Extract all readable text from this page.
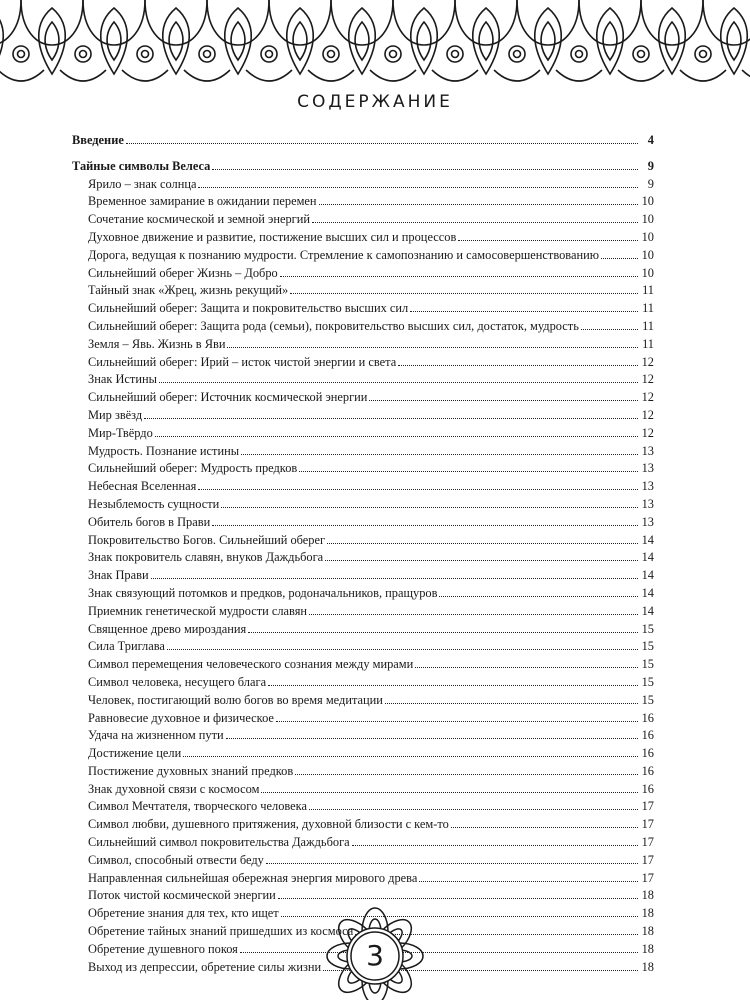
СОДЕРЖАНИЕ
Введение	4
Тайные символы Велеса	9
Ярило – знак солнца	9
Временное замирание в ожидании перемен	10
Сочетание космической и земной энергий	10
Духовное движение и развитие, постижение высших сил и процессов	10
Дорога, ведущая к познанию мудрости. Стремление к самопознанию и самосовершенствованию	10
Сильнейший оберег Жизнь – Добро	10
Тайный знак «Жрец, жизнь рекущий»	11
Сильнейший оберег: Защита и покровительство высших сил	11
Сильнейший оберег: Защита рода (семьи), покровительство высших сил, достаток, мудрость	11
Земля – Явь. Жизнь в Яви	11
Сильнейший оберег: Ирий – исток чистой энергии и света	12
Знак Истины	12
Сильнейший оберег: Источник космической энергии	12
Мир звёзд	12
Мир-Твёрдо	12
Мудрость. Познание истины	13
Сильнейший оберег: Мудрость предков	13
Небесная Вселенная	13
Незыблемость сущности	13
Обитель богов в Прави	13
Покровительство Богов. Сильнейший оберег	14
Знак покровитель славян, внуков Даждьбога	14
Знак Прави	14
Знак связующий потомков и предков, родоначальников, пращуров	14
Приемник генетической мудрости славян	14
Священное древо мироздания	15
Сила Триглава	15
Символ перемещения человеческого сознания между мирами	15
Символ человека, несущего блага	15
Человек, постигающий волю богов во время медитации	15
Равновесие духовное и физическое	16
Удача на жизненном пути	16
Достижение цели	16
Постижение духовных знаний предков	16
Знак духовной связи с космосом	16
Символ Мечтателя, творческого человека	17
Символ любви, душевного притяжения, духовной близости с кем-то	17
Сильнейший символ покровительства Даждьбога	17
Символ, способный отвести беду	17
Направленная сильнейшая обережная энергия мирового древа	17
Поток чистой космической энергии	18
Обретение знания для тех, кто ищет	18
Обретение тайных знаний пришедших из космоса	18
Обретение душевного покоя	18
Выход из депрессии, обретение силы жизни	18
3
